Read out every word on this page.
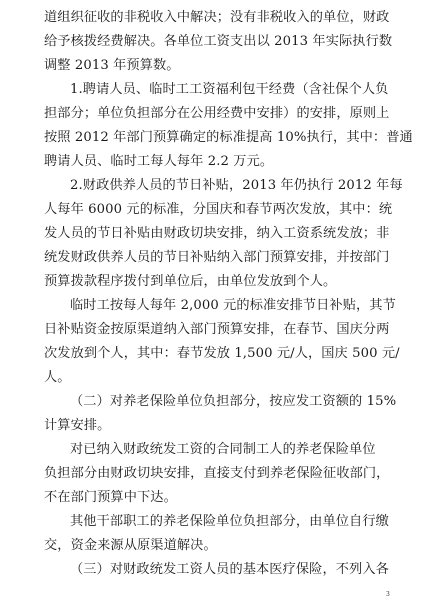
道组织征收的非税收入中解决；没有非税收入的单位，财政
给予核拨经费解决。各单位工资支出以 2013 年实际执行数
调整 2013 年预算数。
1.聘请人员、临时工工资福利包干经费（含社保个人负
担部分；单位负担部分在公用经费中安排）的安排，原则上
按照 2012 年部门预算确定的标准提高 10%执行，其中：普通
聘请人员、临时工每人每年 2.2 万元。
2.财政供养人员的节日补贴，2013 年仍执行 2012 年每
人每年 6000 元的标准，分国庆和春节两次发放，其中：统
发人员的节日补贴由财政切块安排，纳入工资系统发放；非
统发财政供养人员的节日补贴纳入部门预算安排，并按部门
预算拨款程序拨付到单位后，由单位发放到个人。
临时工按每人每年 2,000 元的标准安排节日补贴，其节
日补贴资金按原渠道纳入部门预算安排，在春节、国庆分两
次发放到个人，其中：春节发放 1,500 元/人，国庆 500 元/
人。
（二）对养老保险单位负担部分，按应发工资额的 15%
计算安排。
对已纳入财政统发工资的合同制工人的养老保险单位
负担部分由财政切块安排，直接支付到养老保险征收部门，
不在部门预算中下达。
其他干部职工的养老保险单位负担部分，由单位自行缴
交，资金来源从原渠道解决。
（三）对财政统发工资人员的基本医疗保险，不列入各
3
